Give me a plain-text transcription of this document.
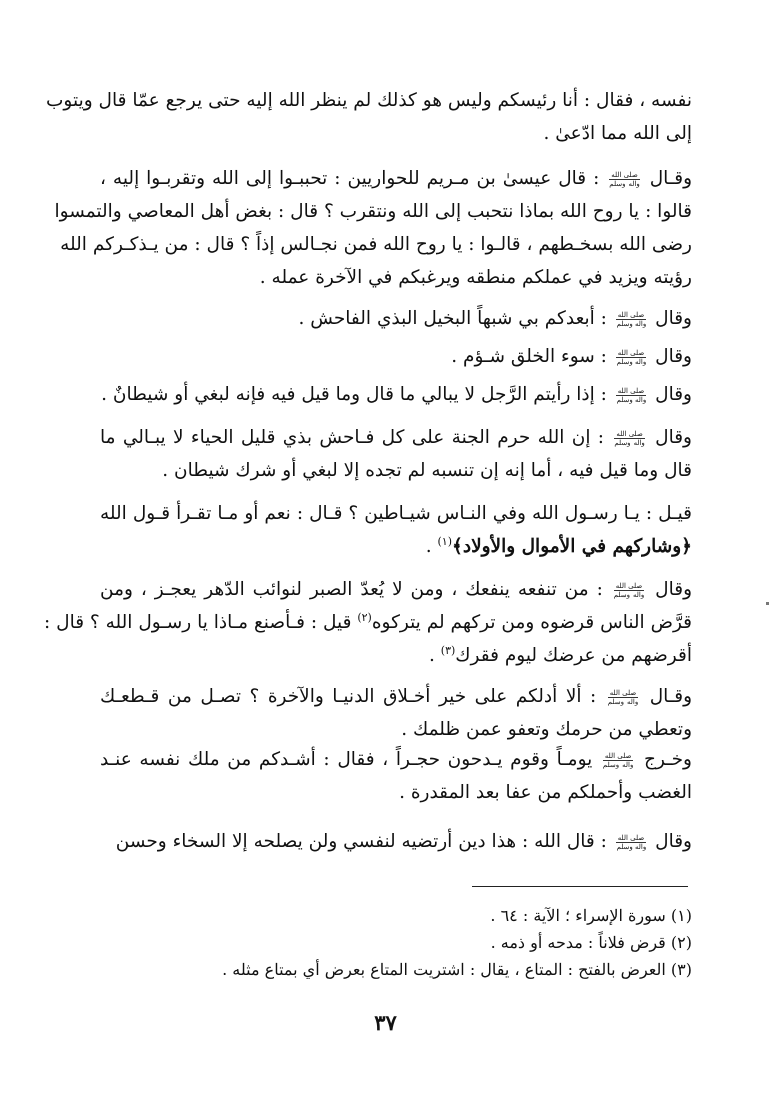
نفسه ، فقال : أنا رئيسكم وليس هو كذلك لم ينظر الله إليه حتى يرجع عمّا قال ويتوب
إلى الله مما ادّعىٰ .
وقـال
صلى الله
واله وسلم
: قال عيسىٰ بن مـريم للحواريين : تحببـوا إلى الله وتقربـوا إليه ،
قالوا : يا روح الله بماذا نتحبب إلى الله ونتقرب ؟ قال : بغض أهل المعاصي والتمسوا
رضى الله بسخـطهم ، قالـوا : يا روح الله فمن نجـالس إذاً ؟ قال : من يـذكـركم الله
رؤيته ويزيد في عملكم منطقه ويرغبكم في الآخرة عمله .
وقال
صلى الله
واله وسلم
: أبعدكم بي شبهاً البخيل البذي الفاحش .
وقال
صلى الله
واله وسلم
: سوء الخلق شـؤم .
وقال
صلى الله
واله وسلم
: إذا رأيتم الرَّجل لا يبالي ما قال وما قيل فيه فإنه لبغي أو شيطانٌ .
وقال
صلى الله
واله وسلم
: إن الله حرم الجنة على كل فـاحش بذي قليل الحياء لا يبـالي ما
قال وما قيل فيه ، أما إنه إن تنسبه لم تجده إلا لبغي أو شرك شيطان .
قيـل : يـا رسـول الله وفي النـاس شيـاطين ؟ قـال : نعم أو مـا تقـرأ قـول الله
﴿وشاركهم في الأموال والأولاد﴾$^{(١)}$ .
وقال
صلى الله
واله وسلم
: من تنفعه ينفعك ، ومن لا يُعدّ الصبر لنوائب الدّهر يعجـز ، ومن
قرَّض الناس قرضوه ومن تركهم لم يتركوه$^{(٢)}$ قيل : فـأصنع مـاذا يا رسـول الله ؟ قال :
أقرضهم من عرضك ليوم فقرك$^{(٣)}$ .
وقـال
صلى الله
واله وسلم
: ألا أدلكم على خير أخـلاق الدنيـا والآخرة ؟ تصـل من قـطعـك
وتعطي من حرمك وتعفو عمن ظلمك .
وخـرج
صلى الله
واله وسلم
يومـاً وقوم يـدحون حجـراً ، فقال : أشـدكم من ملك نفسه عنـد
الغضب وأحملكم من عفا بعد المقدرة .
وقال
صلى الله
واله وسلم
: قال الله : هذا دين أرتضيه لنفسي ولن يصلحه إلا السخاء وحسن
(١) سورة الإسراء ؛ الآية : ٦٤ .
(٢) قرض فلاناً : مدحه أو ذمه .
(٣) العرض بالفتح : المتاع ، يقال : اشتريت المتاع بعرض أي بمتاع مثله .
٣٧
